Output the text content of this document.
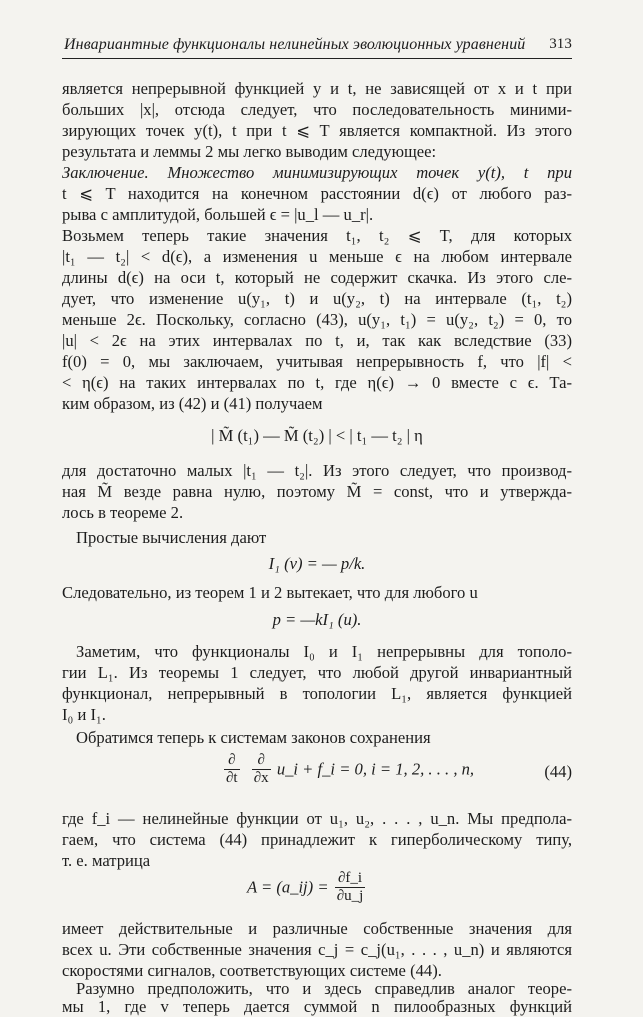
Инвариантные функционалы нелинейных эволюционных уравнений 313
является непрерывной функцией y и t, не зависящей от x и t при
больших |x|, отсюда следует, что последовательность миними-
зирующих точек y(t), t при t ⩽ T является компактной. Из этого
результата и леммы 2 мы легко выводим следующее:
Заключение. Множество минимизирующих точек y(t), t при
t ⩽ T находится на конечном расстоянии d(ϵ) от любого раз-
рыва с амплитудой, большей ϵ = |u_l — u_r|.
Возьмем теперь такие значения t₁, t₂ ⩽ T, для которых
|t₁ — t₂| < d(ϵ), а изменения u меньше ϵ на любом интервале
длины d(ϵ) на оси t, который не содержит скачка. Из этого сле-
дует, что изменение u(y₁, t) и u(y₂, t) на интервале (t₁, t₂)
меньше 2ϵ. Поскольку, согласно (43), u(y₁, t₁) = u(y₂, t₂) = 0, то
|u| < 2ϵ на этих интервалах по t, и, так как вследствие (33)
f(0) = 0, мы заключаем, учитывая непрерывность f, что |f| <
< η(ϵ) на таких интервалах по t, где η(ϵ) → 0 вместе с ϵ. Та-
ким образом, из (42) и (41) получаем
| M̃ (t₁) — M̃ (t₂) | < | t₁ — t₂ | η
для достаточно малых |t₁ — t₂|. Из этого следует, что производ-
ная M̃ везде равна нулю, поэтому M̃ = const, что и утвержда-
лось в теореме 2.
Простые вычисления дают
I₁ (v) = — p/k.
Следовательно, из теорем 1 и 2 вытекает, что для любого u
p = —kI₁ (u).
Заметим, что функционалы I₀ и I₁ непрерывны для тополо-
гии L₁. Из теоремы 1 следует, что любой другой инвариантный
функционал, непрерывный в топологии L₁, является функцией
I₀ и I₁.
Обратимся теперь к системам законов сохранения
$\frac{\partial}{\partial t}$
$\frac{\partial}{\partial x}$ u_i + f_i = 0, i = 1, 2, . . . , n,	(44)
где f_i — нелинейные функции от u₁, u₂, . . . , u_n. Мы предпола-
гаем, что система (44) принадлежит к гиперболическому типу,
т. е. матрица
A = (a_ij) = $\frac{\partial f\_i}{\partial u\_j}$
имеет действительные и различные собственные значения для
всех u. Эти собственные значения c_j = c_j(u₁, . . . , u_n) и являются
скоростями сигналов, соответствующих системе (44).
Разумно предположить, что и здесь справедлив аналог теоре-
мы 1, где v теперь дается суммой n пилообразных функций
